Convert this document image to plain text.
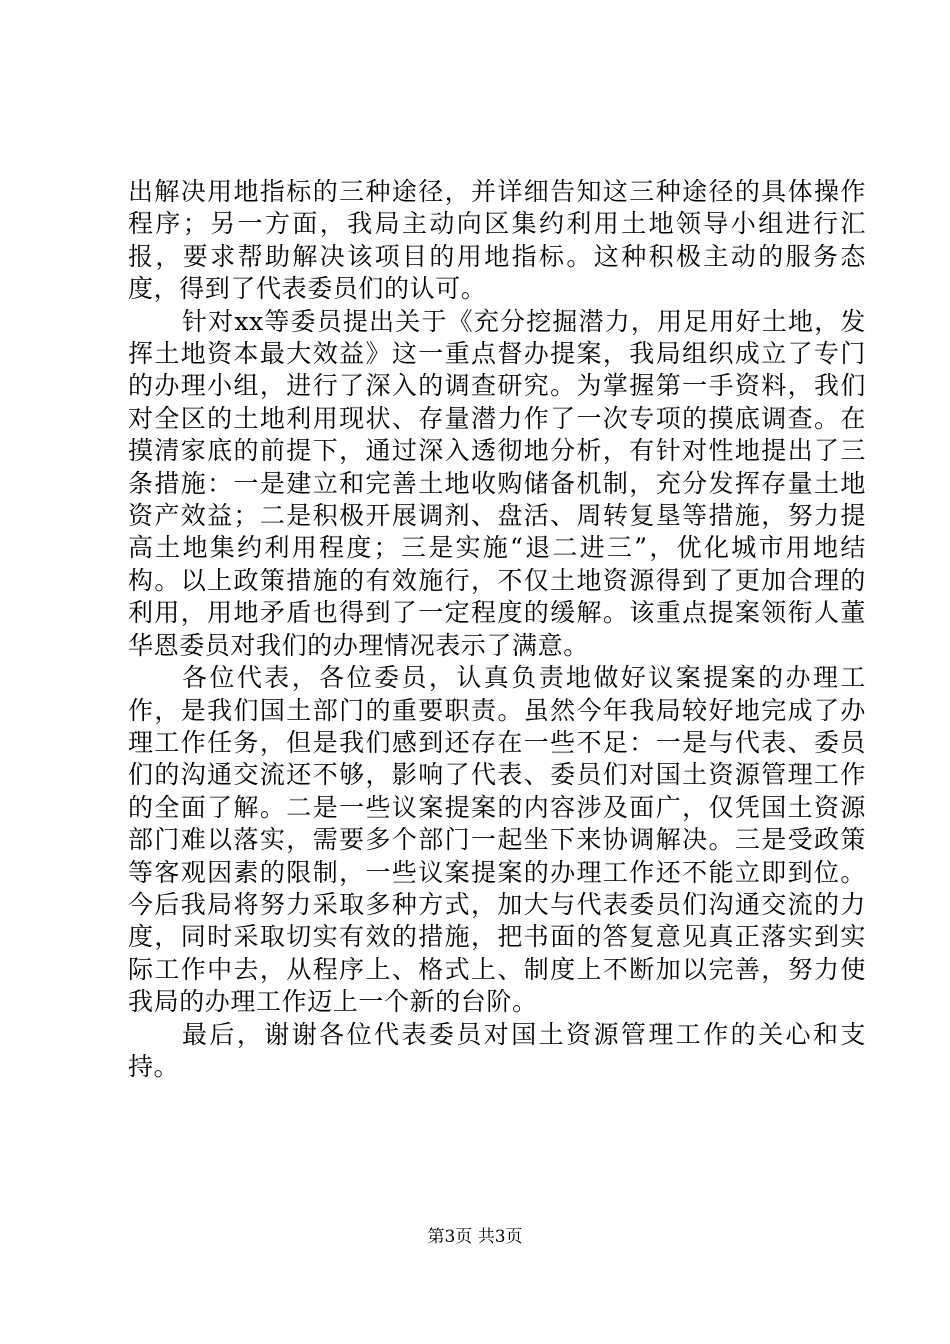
出解决用地指标的三种途径，并详细告知这三种途径的具体操作程序；另一方面，我局主动向区集约利用土地领导小组进行汇报，要求帮助解决该项目的用地指标。这种积极主动的服务态度，得到了代表委员们的认可。

针对xx等委员提出关于《充分挖掘潜力，用足用好土地，发挥土地资本最大效益》这一重点督办提案，我局组织成立了专门的办理小组，进行了深入的调查研究。为掌握第一手资料，我们对全区的土地利用现状、存量潜力作了一次专项的摸底调查。在摸清家底的前提下，通过深入透彻地分析，有针对性地提出了三条措施：一是建立和完善土地收购储备机制，充分发挥存量土地资产效益；二是积极开展调剂、盘活、周转复垦等措施，努力提高土地集约利用程度；三是实施“退二进三”，优化城市用地结构。以上政策措施的有效施行，不仅土地资源得到了更加合理的利用，用地矛盾也得到了一定程度的缓解。该重点提案领衔人董华恩委员对我们的办理情况表示了满意。

各位代表，各位委员，认真负责地做好议案提案的办理工作，是我们国土部门的重要职责。虽然今年我局较好地完成了办理工作任务，但是我们感到还存在一些不足：一是与代表、委员们的沟通交流还不够，影响了代表、委员们对国土资源管理工作的全面了解。二是一些议案提案的内容涉及面广，仅凭国土资源部门难以落实，需要多个部门一起坐下来协调解决。三是受政策等客观因素的限制，一些议案提案的办理工作还不能立即到位。今后我局将努力采取多种方式，加大与代表委员们沟通交流的力度，同时采取切实有效的措施，把书面的答复意见真正落实到实际工作中去，从程序上、格式上、制度上不断加以完善，努力使我局的办理工作迈上一个新的台阶。

最后，谢谢各位代表委员对国土资源管理工作的关心和支持。

第3页 共3页
